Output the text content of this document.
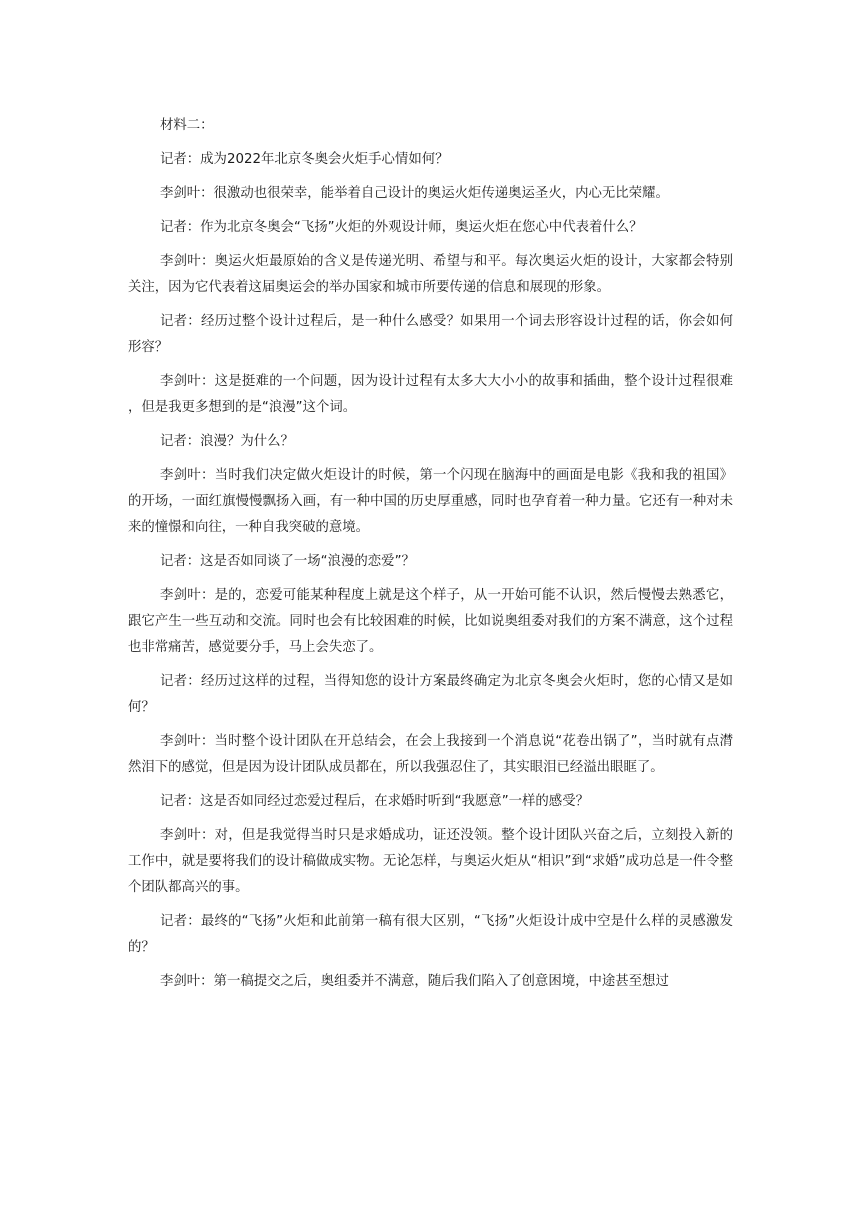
材料二：

记者：成为2022年北京冬奥会火炬手心情如何？

李剑叶：很激动也很荣幸，能举着自己设计的奥运火炬传递奥运圣火，内心无比荣耀。

记者：作为北京冬奥会“飞扬”火炬的外观设计师，奥运火炬在您心中代表着什么？

李剑叶：奥运火炬最原始的含义是传递光明、希望与和平。每次奥运火炬的设计，大家都会特别关注，因为它代表着这届奥运会的举办国家和城市所要传递的信息和展现的形象。

记者：经历过整个设计过程后，是一种什么感受？如果用一个词去形容设计过程的话，你会如何形容？

李剑叶：这是挺难的一个问题，因为设计过程有太多大大小小的故事和插曲，整个设计过程很难，但是我更多想到的是“浪漫”这个词。

记者：浪漫？为什么？

李剑叶：当时我们决定做火炬设计的时候，第一个闪现在脑海中的画面是电影《我和我的祖国》的开场，一面红旗慢慢飘扬入画，有一种中国的历史厚重感，同时也孕育着一种力量。它还有一种对未来的憧憬和向往，一种自我突破的意境。

记者：这是否如同谈了一场“浪漫的恋爱”？

李剑叶：是的，恋爱可能某种程度上就是这个样子，从一开始可能不认识，然后慢慢去熟悉它，跟它产生一些互动和交流。同时也会有比较困难的时候，比如说奥组委对我们的方案不满意，这个过程也非常痛苦，感觉要分手，马上会失恋了。

记者：经历过这样的过程，当得知您的设计方案最终确定为北京冬奥会火炬时，您的心情又是如何？

李剑叶：当时整个设计团队在开总结会，在会上我接到一个消息说“花卷出锅了”，当时就有点潸然泪下的感觉，但是因为设计团队成员都在，所以我强忍住了，其实眼泪已经溢出眼眶了。

记者：这是否如同经过恋爱过程后，在求婚时听到“我愿意”一样的感受？

李剑叶：对，但是我觉得当时只是求婚成功，证还没领。整个设计团队兴奋之后，立刻投入新的工作中，就是要将我们的设计稿做成实物。无论怎样，与奥运火炬从“相识”到“求婚”成功总是一件令整个团队都高兴的事。

记者：最终的“飞扬”火炬和此前第一稿有很大区别，“飞扬”火炬设计成中空是什么样的灵感激发的？

李剑叶：第一稿提交之后，奥组委并不满意，随后我们陷入了创意困境，中途甚至想过
